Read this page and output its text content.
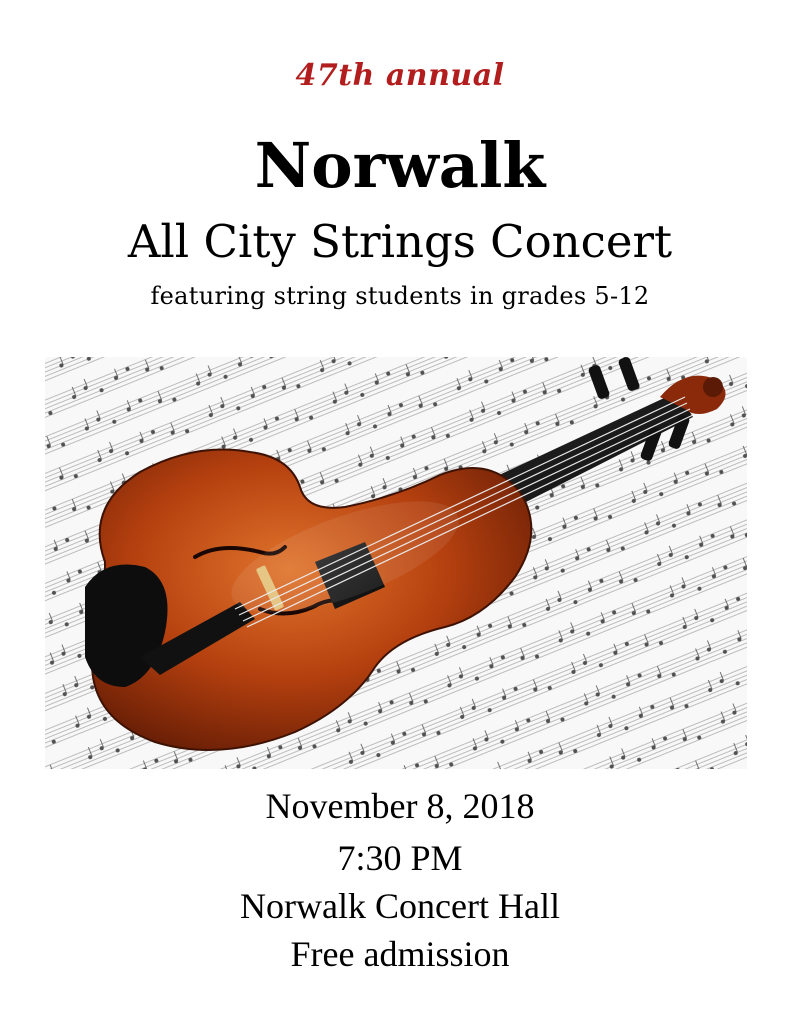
47th annual
Norwalk
All City Strings Concert
featuring string students in grades 5-12
November 8, 2018
7:30 PM
Norwalk Concert Hall
Free admission
